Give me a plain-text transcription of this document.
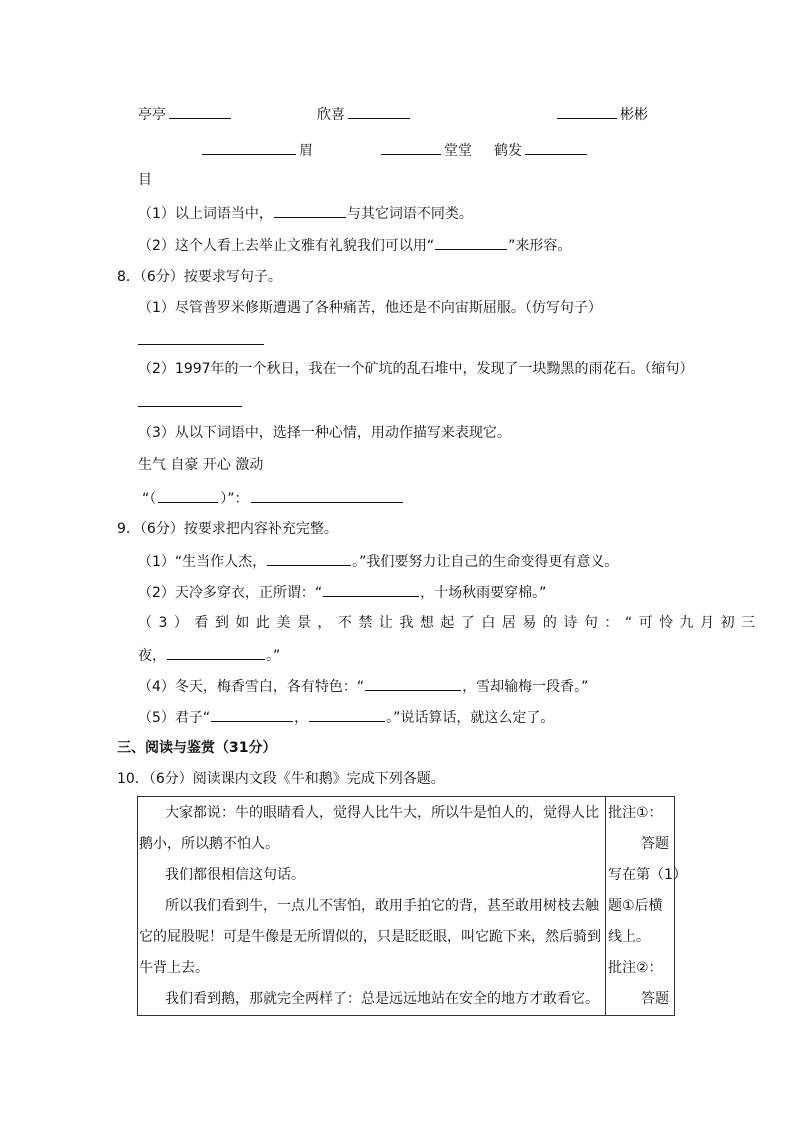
亭亭	欣喜	彬彬
眉	堂堂 鹤发
目
（1）以上词语当中，	与其它词语不同类。
（2）这个人看上去举止文雅有礼貌我们可以用“	”来形容。
8．（6分）按要求写句子。
（1）尽管普罗米修斯遭遇了各种痛苦，他还是不向宙斯屈服。（仿写句子）
（2）1997年的一个秋日，我在一个矿坑的乱石堆中，发现了一块黝黑的雨花石。（缩句）
（3）从以下词语中，选择一种心情，用动作描写来表现它。
生气 自豪 开心 激动
“（	）”：
9．（6分）按要求把内容补充完整。
（1）“生当作人杰，	。”我们要努力让自己的生命变得更有意义。
（2）天冷多穿衣，正所谓：“	，十场秋雨要穿棉。”
（3）看到如此美景，不禁让我想起了白居易的诗句：“可怜九月初三
夜，	。”
（4）冬天，梅香雪白，各有特色：“	，雪却输梅一段香。”
（5）君子“	，	。”说话算话，就这么定了。
三、阅读与鉴赏（31分）
10．（6分）阅读课内文段《牛和鹅》完成下列各题。
大家都说：牛的眼睛看人，觉得人比牛大，所以牛是怕人的，觉得人比
鹅小，所以鹅不怕人。
我们都很相信这句话。
所以我们看到牛，一点儿不害怕，敢用手拍它的背，甚至敢用树枝去触
它的屁股呢！可是牛像是无所谓似的，只是眨眨眼，叫它跪下来，然后骑到
牛背上去。
我们看到鹅，那就完全两样了：总是远远地站在安全的地方才敢看它。
批注①：
答题
写在第（1）
题①后横
线上。
批注②：
答题
